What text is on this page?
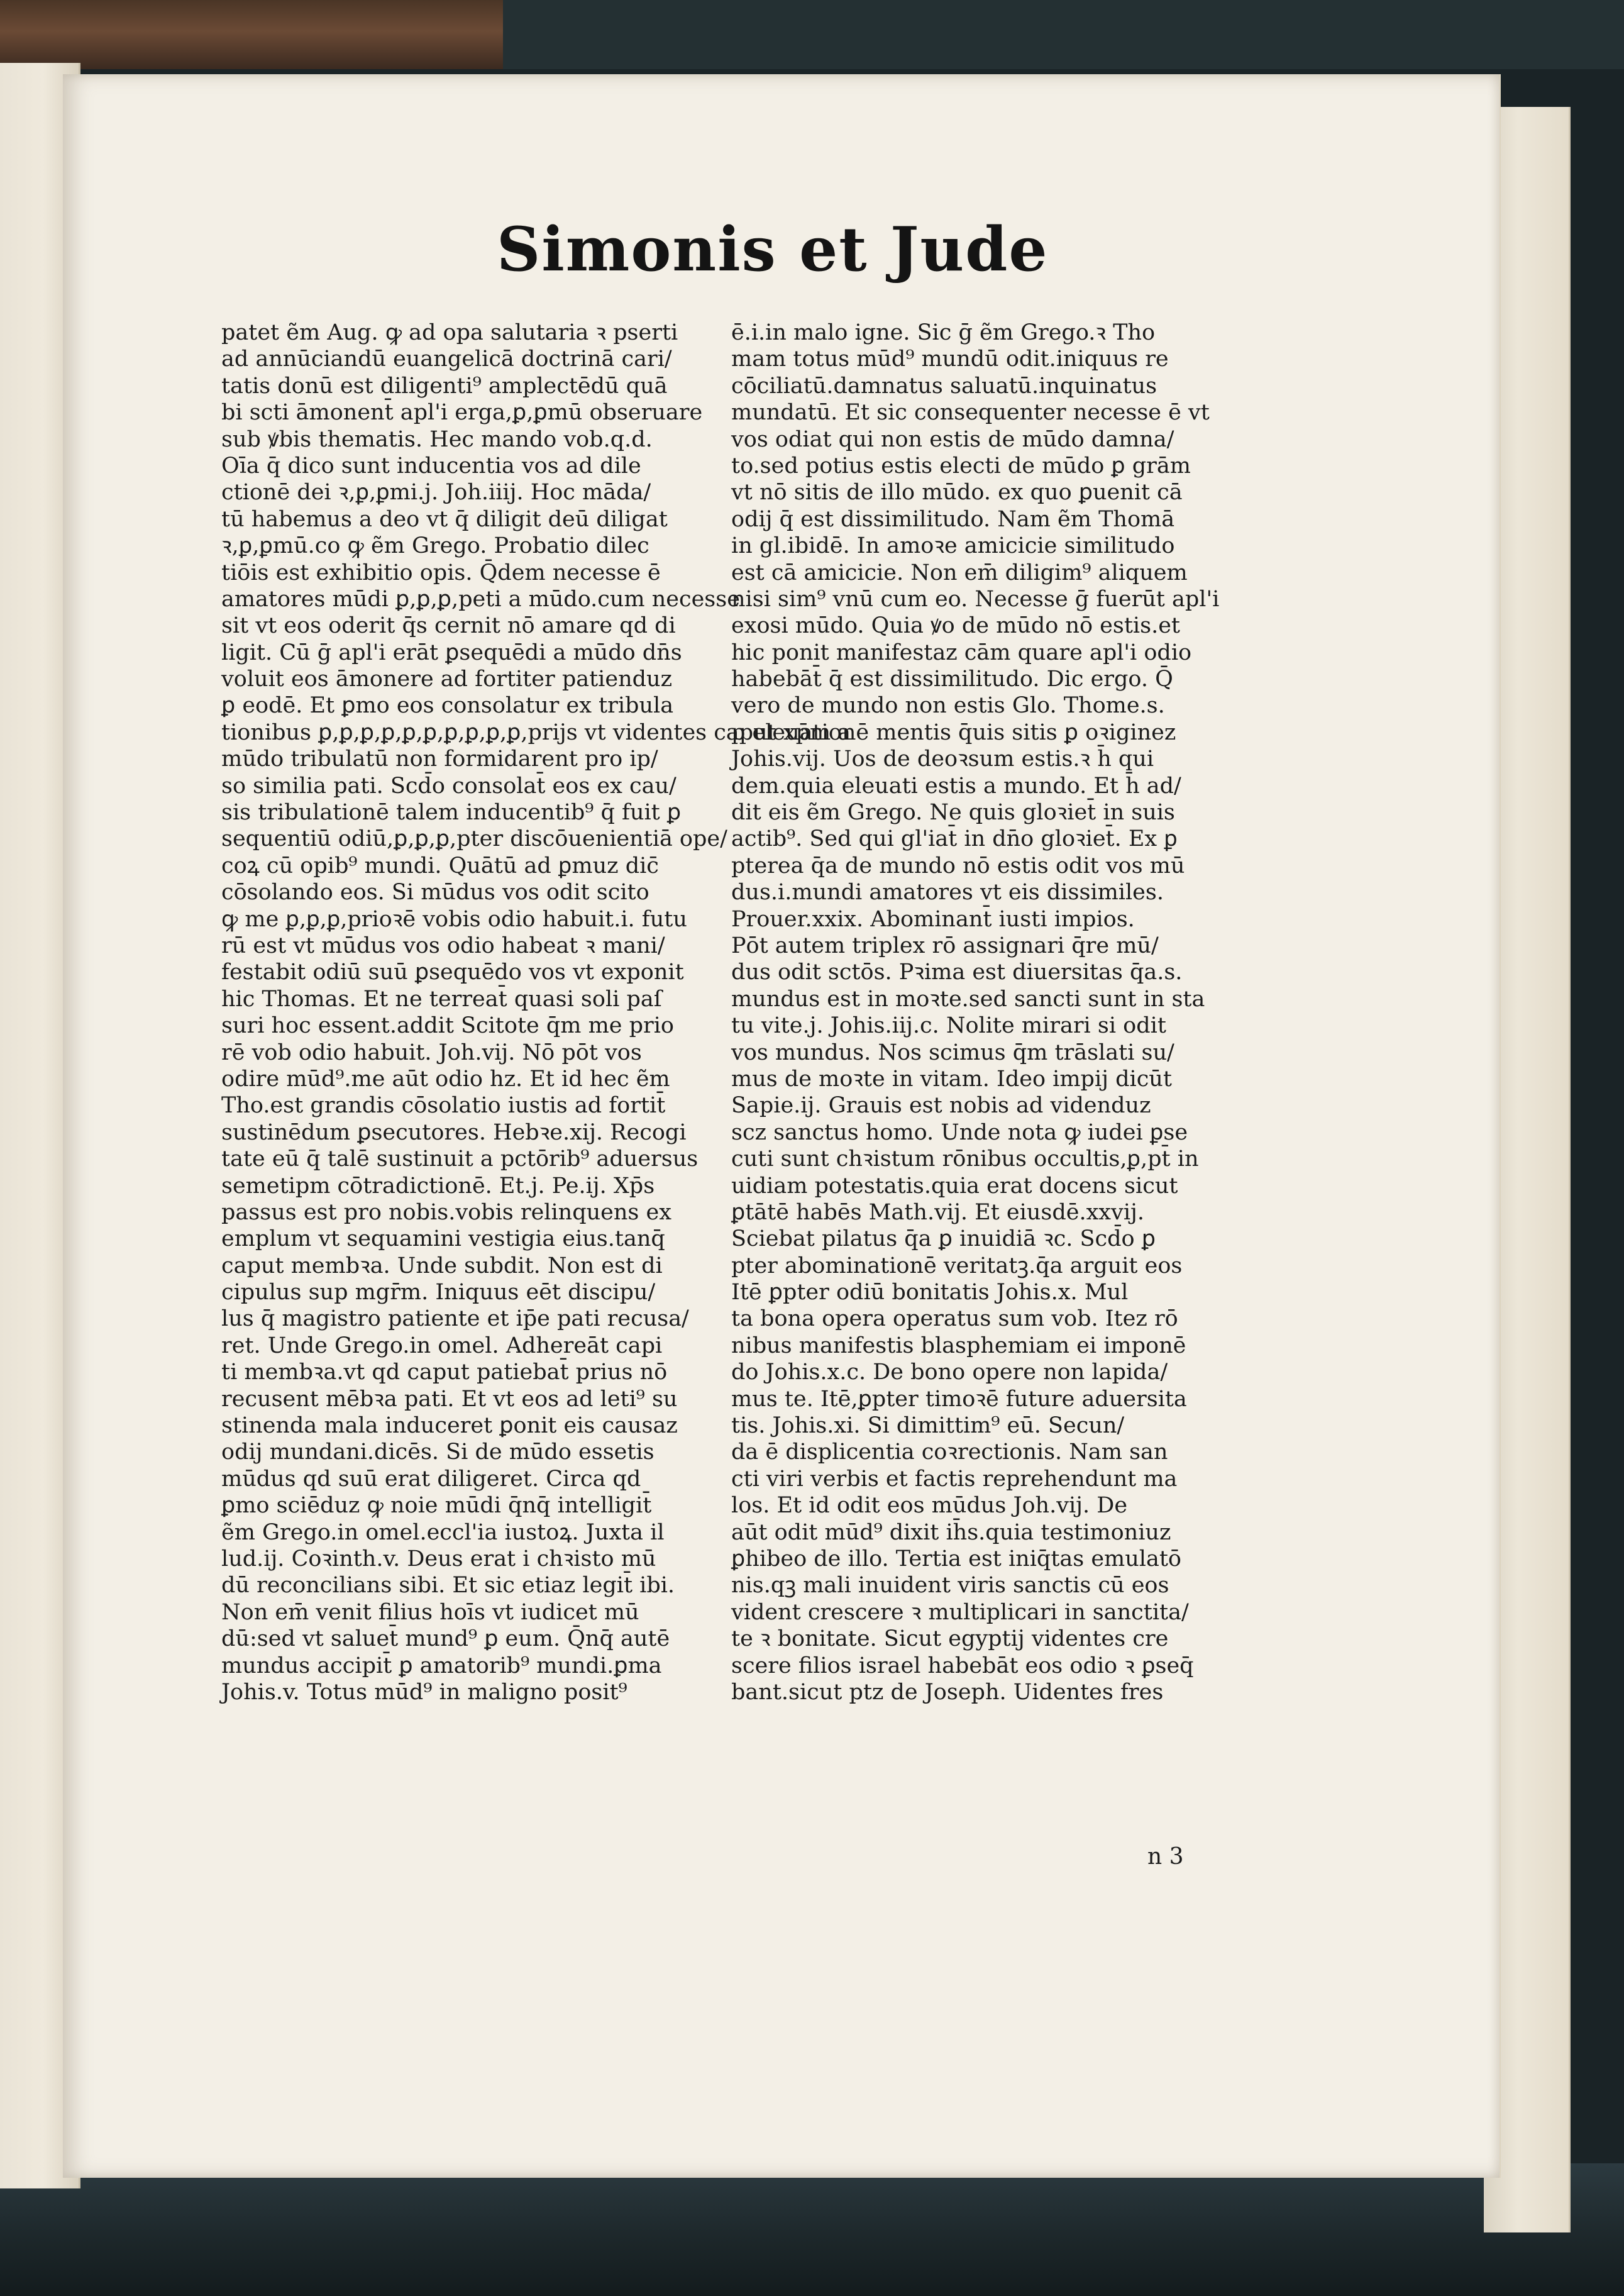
Simonis et Jude
patet ẽm Aug. ꝙ ad opa salutaria ꝛ pserti
ad annūciandū euangelicā doctrinā cari/
tatis donū est diligenti⁹ amplectēdū quā
bi scti āmonent̄ apl'i erga,ꝑ,ꝑmū obseruare
sub ꝟbis thematis. Hec mando vob.q.d.
Oīa q̄ dico sunt inducentia vos ad dile
ctionē dei ꝛ,ꝑ,ꝑmi.j. Joh.iiij. Hoc māda/
tū habemus a deo vt q̄ diligit deū diligat
ꝛ,ꝑ,ꝑmū.co ꝙ ẽm Grego. Probatio dilec
tiōis est exhibitio opis. Q̄dem necesse ē
amatores mūdi ꝑ,ꝑ,ꝑ,peti a mūdo.cum necesse
sit vt eos oderit q̄s cernit nō amare qd di
ligit. Cū ḡ apl'i erāt ꝑsequēdi a mūdo dn̄s
voluit eos āmonere ad fortiter patienduz
ꝑ eodē. Et ꝑmo eos consolatur ex tribula
tionibus ꝑ,ꝑ,ꝑ,ꝑ,ꝑ,ꝑ,ꝑ,ꝑ,ꝑ,ꝑ,prijs vt videntes caput xp̄m a
mūdo tribulatū non formidarent pro ip/
so similia pati. Scd̄o consolat̄ eos ex cau/
sis tribulationē talem inducentib⁹ q̄ fuit ꝑ
sequentiū odiū,ꝑ,ꝑ,ꝑ,pter discōuenientiā ope/
coꝝ cū opib⁹ mundi. Quātū ad ꝑmuz dic̄
cōsolando eos. Si mūdus vos odit scito
ꝙ me ꝑ,ꝑ,ꝑ,prioꝛē vobis odio habuit.i. futu
rū est vt mūdus vos odio habeat ꝛ mani/
festabit odiū suū ꝑsequēdo vos vt exponit
hic Thomas. Et ne terreat̄ quasi soli paſ
suri hoc essent.addit Scitote q̄m me prio
rē vob odio habuit. Joh.vij. Nō pōt vos
odire mūd⁹.me aūt odio hz. Et id hec ẽm
Tho.est grandis cōsolatio iustis ad fortit̄
sustinēdum ꝑsecutores. Hebꝛe.xij. Recogi
tate eū q̄ talē sustinuit a pctōrib⁹ aduersus
semetipm cōtradictionē. Et.j. Pe.ij. Xp̄s
passus est pro nobis.vobis relinquens ex
emplum vt sequamini vestigia eius.tanq̄
caput membꝛa. Unde subdit. Non est di
cipulus sup mgr̄m. Iniquus eēt discipu/
lus q̄ magistro patiente et ip̄e pati recusa/
ret. Unde Grego.in omel. Adhereāt capi
ti membꝛa.vt qd caput patiebat̄ prius nō
recusent mēbꝛa pati. Et vt eos ad leti⁹ su
stinenda mala induceret ꝑonit eis causaz
odij mundani.dicēs. Si de mūdo essetis
mūdus qd suū erat diligeret. Circa qd
ꝑmo sciēduz ꝙ noie mūdi q̄nq̄ intelligit̄
ẽm Grego.in omel.eccl'ia iustoꝝ. Juxta il
lud.ij. Coꝛinth.v. Deus erat i chꝛisto mū
dū reconcilians sibi. Et sic etiaz legit̄ ibi.
Non em̄ venit filius hoīs vt iudicet mū
dū:sed vt saluet̄ mund⁹ ꝑ eum. Q̄nq̄ autē
mundus accipit̄ ꝑ amatorib⁹ mundi.ꝑma
Johis.v. Totus mūd⁹ in maligno posit⁹
ē.i.in malo igne. Sic ḡ ẽm Grego.ꝛ Tho
mam totus mūd⁹ mundū odit.iniquus re
cōciliatū.damnatus saluatū.inquinatus
mundatū. Et sic consequenter necesse ē vt
vos odiat qui non estis de mūdo damna/
to.sed potius estis electi de mūdo ꝑ grām
vt nō sitis de illo mūdo. ex quo ꝑuenit cā
odij q̄ est dissimilitudo. Nam ẽm Thomā
in gl.ibidē. In amoꝛe amicicie similitudo
est cā amicicie. Non em̄ diligim⁹ aliquem
nisi sim⁹ vnū cum eo. Necesse ḡ fuerūt apl'i
exosi mūdo. Quia ꝟo de mūdo nō estis.et
hic ponit manifestaz cām quare apl'i odio
habebāt̄ q̄ est dissimilitudo. Dic ergo. Q̄
vero de mundo non estis Glo. Thome.s.
p eleuationē mentis q̄uis sitis ꝑ oꝛiginez
Johis.vij. Uos de deoꝛsum estis.ꝛ h̄ qui
dem.quia eleuati estis a mundo. Et h̄ ad/
dit eis ẽm Grego. Ne quis gloꝛiet̄ in suis
actib⁹. Sed qui gl'iat̄ in dn̄o gloꝛiet̄. Ex ꝑ
pterea q̄a de mundo nō estis odit vos mū
dus.i.mundi amatores vt eis dissimiles.
Prouer.xxix. Abominant̄ iusti impios.
Pōt autem triplex rō assignari q̄re mū/
dus odit sctōs. Pꝛima est diuersitas q̄a.s.
mundus est in moꝛte.sed sancti sunt in sta
tu vite.j. Johis.iij.c. Nolite mirari si odit
vos mundus. Nos scimus q̄m trāslati su/
mus de moꝛte in vitam. Ideo impij dicūt
Sapie.ij. Grauis est nobis ad videnduz
scz sanctus homo. Unde nota ꝙ iudei ꝑse
cuti sunt chꝛistum rōnibus occultis,ꝑ,pt̄ in
uidiam potestatis.quia erat docens sicut
ꝑtātē habēs Math.vij. Et eiusdē.xxvij.
Sciebat pilatus q̄a ꝑ inuidiā ꝛc. Scd̄o ꝑ
pter abominationē veritatꝫ.q̄a arguit eos
Itē ꝑpter odiū bonitatis Johis.x. Mul
ta bona opera operatus sum vob. Itez rō
nibus manifestis blasphemiam ei imponē
do Johis.x.c. De bono opere non lapida/
mus te. Itē,ꝑpter timoꝛē future aduersita
tis. Johis.xi. Si dimittim⁹ eū. Secun/
da ē displicentia coꝛrectionis. Nam san
cti viri verbis et factis reprehendunt ma
los. Et id odit eos mūdus Joh.vij. De
aūt odit mūd⁹ dixit ih̄s.quia testimoniuz
ꝑhibeo de illo. Tertia est iniq̄tas emulatō
nis.qꝫ mali inuident viris sanctis cū eos
vident crescere ꝛ multiplicari in sanctita/
te ꝛ bonitate. Sicut egyptij videntes cre
scere filios israel habebāt eos odio ꝛ ꝑseq̄
bant.sicut ptz de Joseph. Uidentes fres
n 3
